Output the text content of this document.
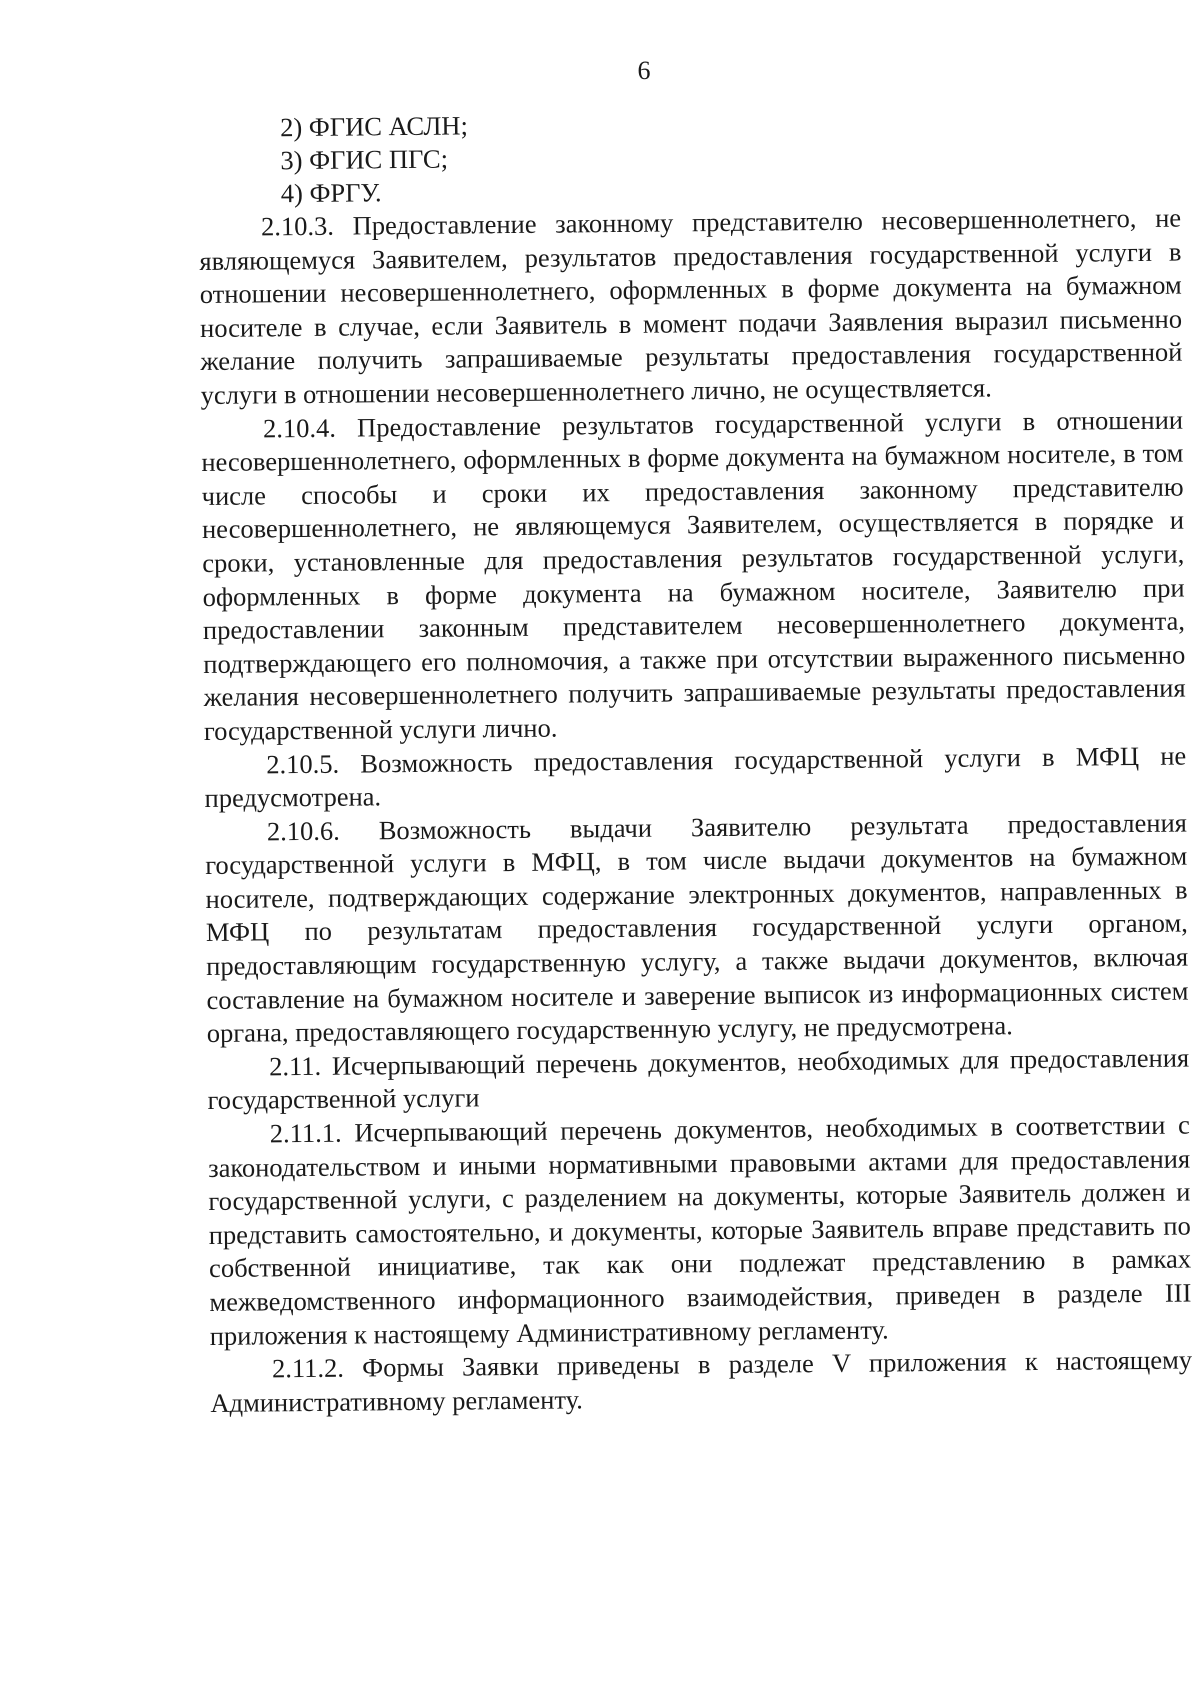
6

2) ФГИС АСЛН;

3) ФГИС ПГС;

4) ФРГУ.

2.10.3. Предоставление законному представителю несовершеннолетнего, не являющемуся Заявителем, результатов предоставления государственной услуги в отношении несовершеннолетнего, оформленных в форме документа на бумажном носителе в случае, если Заявитель в момент подачи Заявления выразил письменно желание получить запрашиваемые результаты предоставления государственной услуги в отношении несовершеннолетнего лично, не осуществляется.

2.10.4. Предоставление результатов государственной услуги в отношении несовершеннолетнего, оформленных в форме документа на бумажном носителе, в том числе способы и сроки их предоставления законному представителю несовершеннолетнего, не являющемуся Заявителем, осуществляется в порядке и сроки, установленные для предоставления результатов государственной услуги, оформленных в форме документа на бумажном носителе, Заявителю при предоставлении законным представителем несовершеннолетнего документа, подтверждающего его полномочия, а также при отсутствии выраженного письменно желания несовершеннолетнего получить запрашиваемые результаты предоставления государственной услуги лично.

2.10.5. Возможность предоставления государственной услуги в МФЦ не предусмотрена.

2.10.6. Возможность выдачи Заявителю результата предоставления государственной услуги в МФЦ, в том числе выдачи документов на бумажном носителе, подтверждающих содержание электронных документов, направленных в МФЦ по результатам предоставления государственной услуги органом, предоставляющим государственную услугу, а также выдачи документов, включая составление на бумажном носителе и заверение выписок из информационных систем органа, предоставляющего государственную услугу, не предусмотрена.

2.11. Исчерпывающий перечень документов, необходимых для предоставления государственной услуги

2.11.1. Исчерпывающий перечень документов, необходимых в соответствии с законодательством и иными нормативными правовыми актами для предоставления государственной услуги, с разделением на документы, которые Заявитель должен и представить самостоятельно, и документы, которые Заявитель вправе представить по собственной инициативе, так как они подлежат представлению в рамках межведомственного информационного взаимодействия, приведен в разделе III приложения к настоящему Административному регламенту.

2.11.2. Формы Заявки приведены в разделе V приложения к настоящему Административному регламенту.
